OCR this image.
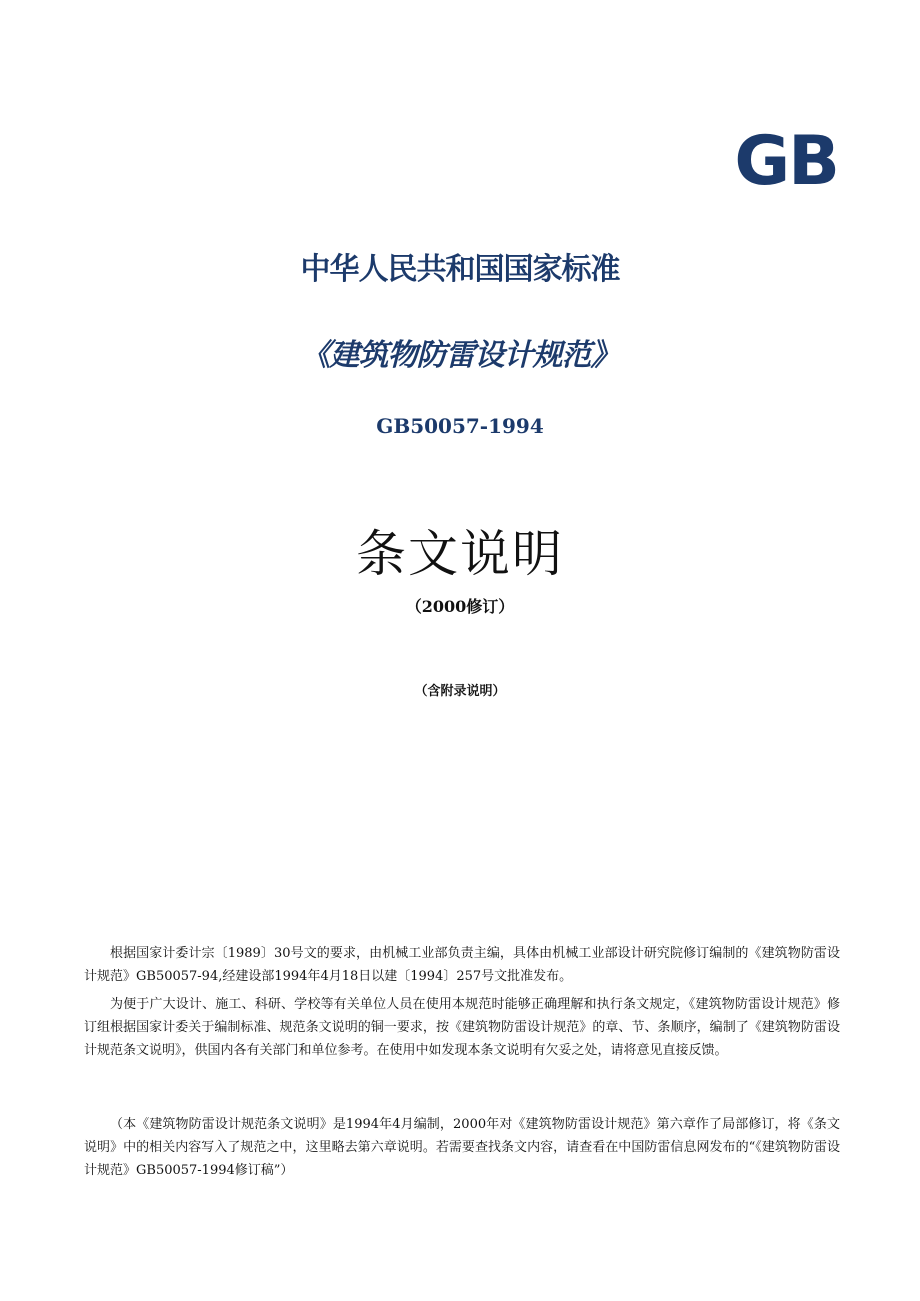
GB
中华人民共和国国家标准
《建筑物防雷设计规范》
GB50057-1994
条文说明
（2000修订）
（含附录说明）

根据国家计委计宗〔1989〕30号文的要求，由机械工业部负责主编，具体由机械工业部设计研究院修订编制的《建筑物防雷设计规范》GB50057-94,经建设部1994年4月18日以建〔1994〕257号文批准发布。

为便于广大设计、施工、科研、学校等有关单位人员在使用本规范时能够正确理解和执行条文规定，《建筑物防雷设计规范》修订组根据国家计委关于编制标准、规范条文说明的铜一要求，按《建筑物防雷设计规范》的章、节、条顺序，编制了《建筑物防雷设计规范条文说明》，供国内各有关部门和单位参考。在使用中如发现本条文说明有欠妥之处，请将意见直接反馈。

（本《建筑物防雷设计规范条文说明》是1994年4月编制，2000年对《建筑物防雷设计规范》第六章作了局部修订，将《条文说明》中的相关内容写入了规范之中，这里略去第六章说明。若需要查找条文内容，请查看在中国防雷信息网发布的“《建筑物防雷设计规范》GB50057-1994修订稿”）
